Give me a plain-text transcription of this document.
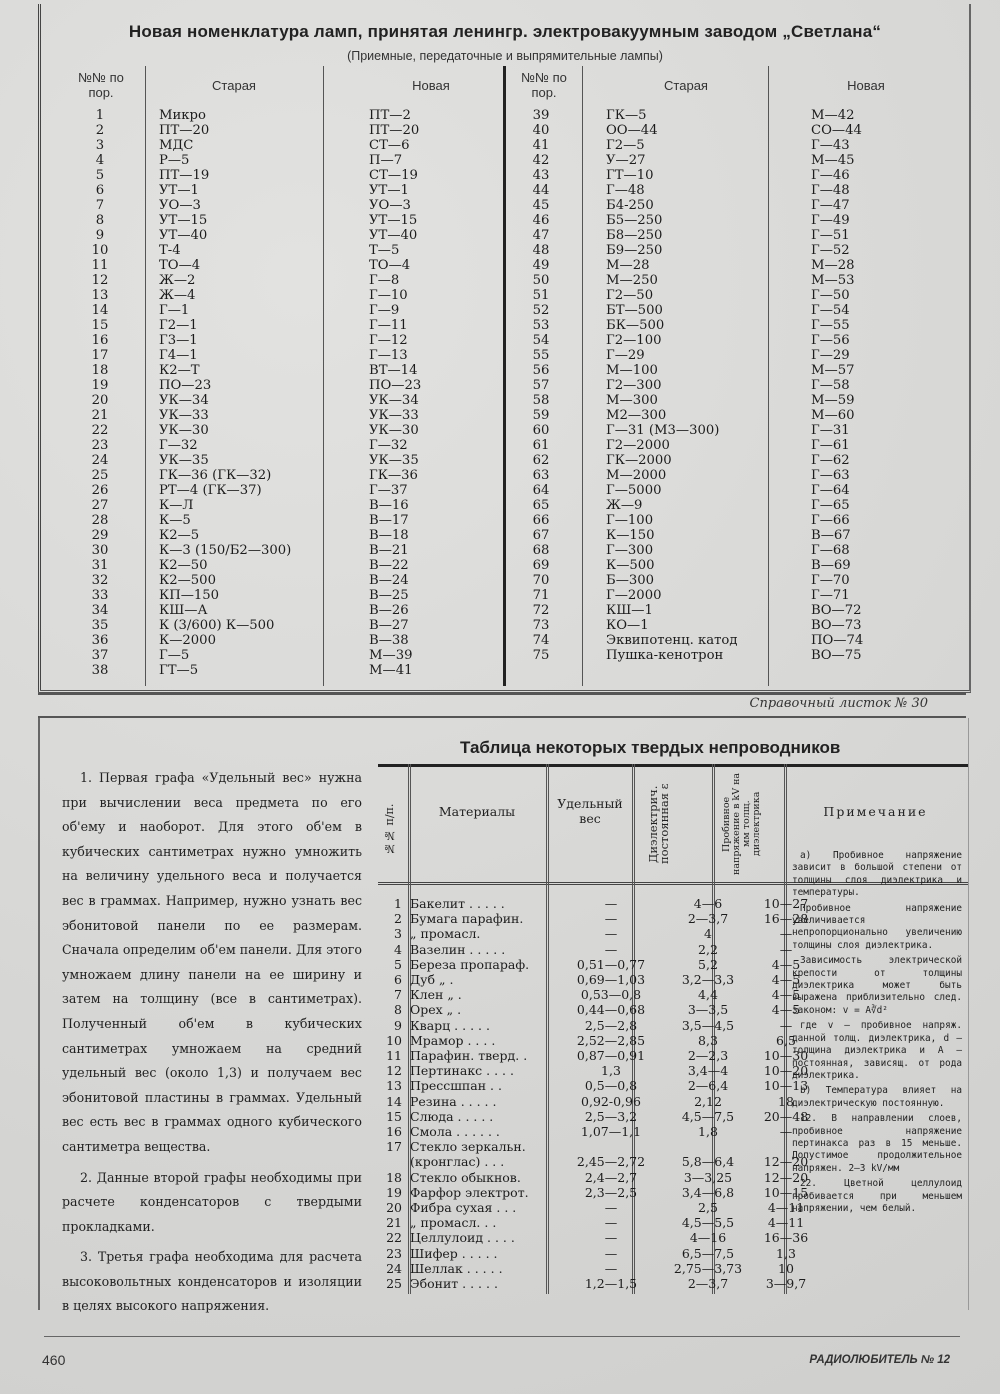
Новая номенклатура ламп, принятая ленингр. электровакуумным заводом „Светлана“
(Приемные, передаточные и выпрямительные лампы)
№№ по пор.	Старая	Новая
1	Микро	ПТ—2
2	ПТ—20	ПТ—20
3	МДС	СТ—6
4	Р—5	П—7
5	ПТ—19	СТ—19
6	УТ—1	УТ—1
7	УО—3	УО—3
8	УТ—15	УТ—15
9	УТ—40	УТ—40
10	Т-4	Т—5
11	ТО—4	ТО—4
12	Ж—2	Г—8
13	Ж—4	Г—10
14	Г—1	Г—9
15	Г2—1	Г—11
16	Г3—1	Г—12
17	Г4—1	Г—13
18	К2—Т	ВТ—14
19	ПО—23	ПО—23
20	УК—34	УК—34
21	УК—33	УК—33
22	УК—30	УК—30
23	Г—32	Г—32
24	УК—35	УК—35
25	ГК—36 (ГК—32)	ГК—36
26	РТ—4 (ГК—37)	Г—37
27	К—Л	В—16
28	К—5	В—17
29	К2—5	В—18
30	К—3 (150/Б2—300)	В—21
31	К2—50	В—22
32	К2—500	В—24
33	КП—150	В—25
34	КШ—А	В—26
35	К (3/600) К—500	В—27
36	К—2000	В—38
37	Г—5	М—39
38	ГТ—5	М—41
№№ по пор.	Старая	Новая
39	ГК—5	М—42
40	ОО—44	СО—44
41	Г2—5	Г—43
42	У—27	М—45
43	ГТ—10	Г—46
44	Г—48	Г—48
45	Б4-250	Г—47
46	Б5—250	Г—49
47	Б8—250	Г—51
48	Б9—250	Г—52
49	М—28	М—28
50	М—250	М—53
51	Г2—50	Г—50
52	БТ—500	Г—54
53	БК—500	Г—55
54	Г2—100	Г—56
55	Г—29	Г—29
56	М—100	М—57
57	Г2—300	Г—58
58	М—300	М—59
59	М2—300	М—60
60	Г—31 (М3—300)	Г—31
61	Г2—2000	Г—61
62	ГК—2000	Г—62
63	М—2000	Г—63
64	Г—5000	Г—64
65	Ж—9	Г—65
66	Г—100	Г—66
67	К—150	В—67
68	Г—300	Г—68
69	К—500	В—69
70	Б—300	Г—70
71	Г—2000	Г—71
72	КШ—1	ВО—72
73	КО—1	ВО—73
74	Эквипотенц. катод	ПО—74
75	Пушка-кенотрон	ВО—75
Справочный листок № 30

1. Первая графа «Удельный вес» нужна при вычислении веса предмета по его об'ему и наоборот. Для этого об'ем в кубических сантиметрах нужно умножить на величину удельного веса и получается вес в граммах. Например, нужно узнать вес эбонитовой панели по ее размерам. Сначала определим об'ем панели. Для этого умножаем длину панели на ее ширину и затем на толщину (все в сантиметрах). Полученный об'ем в кубических сантиметрах умножаем на средний удельный вес (около 1,3) и получаем вес эбонитовой пластины в граммах. Удельный вес есть вес в граммах одного кубического сантиметра вещества.

2. Данные второй графы необходимы при расчете конденсаторов с твердыми прокладками.

3. Третья графа необходима для расчета высоковольтных конденсаторов и изоляции в целях высокого напряжения.

Таблица некоторых твердых непроводников
№№ п/п.	Материалы
Удельный вес	Диэлектрич. постоянная ε	Пробивное напряжение в kV на мм толщ. диэлектрика	Примечание
1 Бакелит . . . . .	—	4—6	10—27
2 Бумага парафин.	—	2—3,7	16—28
3 „ промасл.	—	4	—
4 Вазелин . . . . .	—	2,2	—
5 Береза пропараф.	0,51—0,77	5,2	4—5
6 Дуб „ .	0,69—1,03	3,2—3,3	4—5
7 Клен „ .	0,53—0,8	4,4	4—5
8 Орех „ .	0,44—0,68	3—3,5	4—5
9 Кварц . . . . .	2,5—2,8	3,5—4,5	—
10 Мрамор . . . .	2,52—2,85	8,3	6,5
11 Парафин. тверд. .	0,87—0,91	2—2,3	10—30
12 Пертинакс . . . .	1,3	3,4—4	10—20
13 Прессшпан . .	0,5—0,8	2—6,4	10—13
14 Резина . . . . .	0,92-0,96	2,12	18
15 Слюда . . . . .	2,5—3,2	4,5—7,5	20—48
16 Смола . . . . . .	1,07—1,1	1,8	—
17 Стекло зеркальн.
(кронглас) . . .	2,45—2,72	5,8—6,4	12—20
18 Стекло обыкнов.	2,4—2,7	3—3,25	12—20
19 Фарфор электрот.	2,3—2,5	3,4—6,8	10—15
20 Фибра сухая . . .	—	2,5	4—11
21 „ промасл. . .	—	4,5—5,5	4—11
22 Целлулоид . . . .	—	4—16	16—36
23 Шифер . . . . .	—	6,5—7,5	1,3
24 Шеллак . . . . .	—	2,75—3,73	10
25 Эбонит . . . . .	1,2—1,5	2—3,7	3—9,7

а) Пробивное напряжение зависит в большой степени от толщины слоя диэлектрика и температуры.

Пробивное напряжение увеличивается непропорционально увеличению толщины слоя диэлектрика.

Зависимость электрической крепости от толщины диэлектрика может быть выражена приблизительно след. законом: v = A∛d²

где v — пробивное напряж. данной толщ. диэлектрика, d — толщина диэлектрика и A — постоянная, зависящ. от рода диэлектрика.

b) Температура влияет на диэлектрическую постоянную.

12. В направлении слоев, пробивное напряжение пертинакса раз в 15 меньше. Допустимое продолжительное напряжен. 2—3 kV/мм

22. Цветной целлулоид пробивается при меньшем напряжении, чем белый.

460	РАДИОЛЮБИТЕЛЬ № 12
